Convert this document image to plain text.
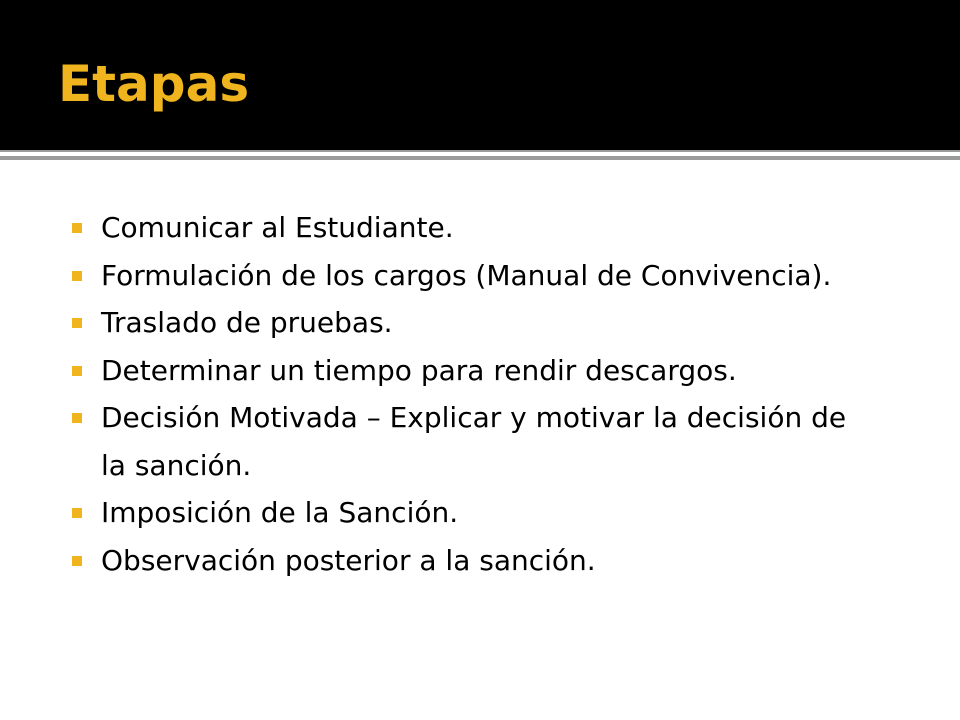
Etapas
Comunicar al Estudiante.
Formulación de los cargos (Manual de Convivencia).
Traslado de pruebas.
Determinar un tiempo para rendir descargos.
Decisión Motivada – Explicar y motivar la decisión de la sanción.
Imposición de la Sanción.
Observación posterior a la sanción.
